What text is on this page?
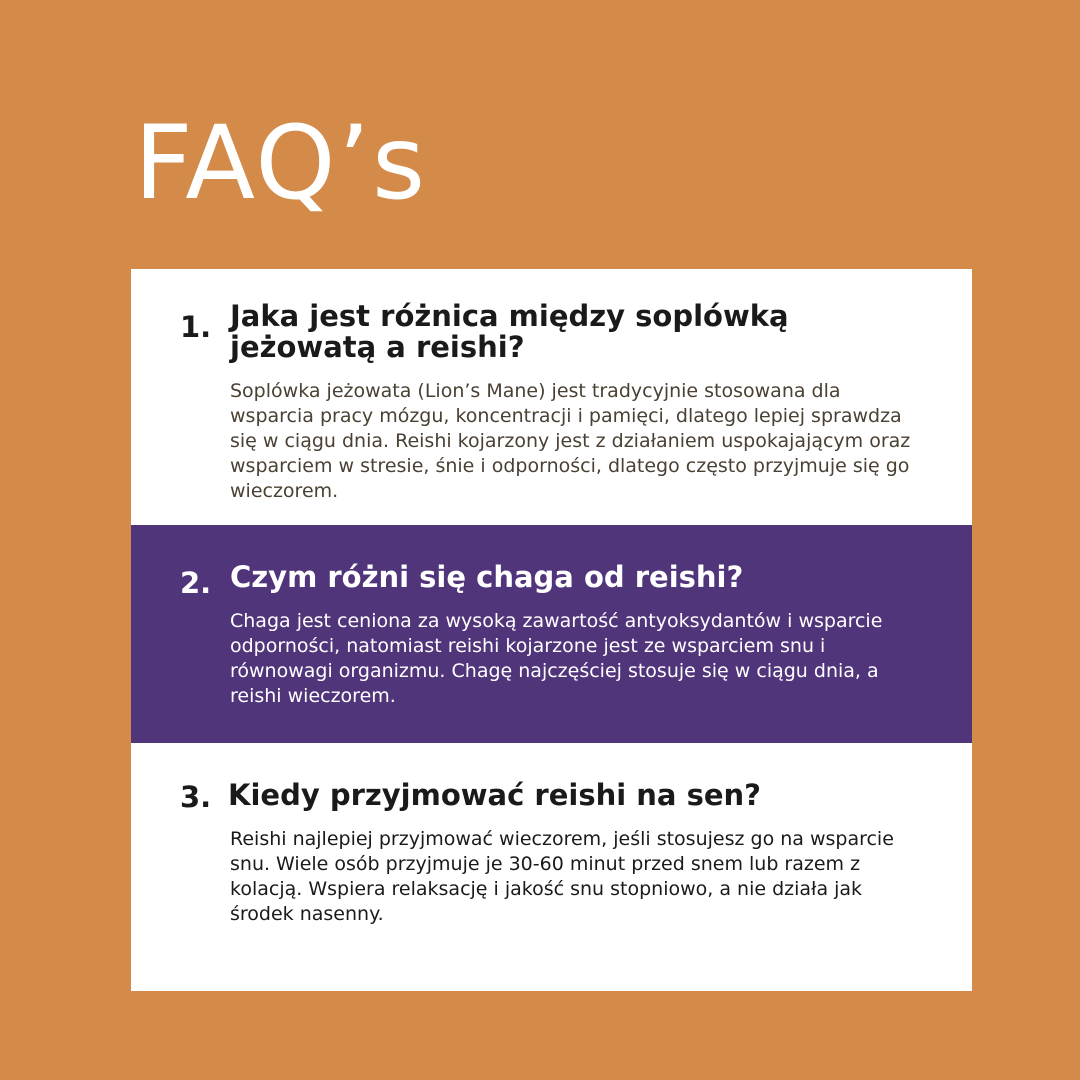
FAQ’s
1. Jaka jest różnica między soplówką jeżowatą a reishi?

Soplówka jeżowata (Lion’s Mane) jest tradycyjnie stosowana dla wsparcia pracy mózgu, koncentracji i pamięci, dlatego lepiej sprawdza się w ciągu dnia. Reishi kojarzony jest z działaniem uspokajającym oraz wsparciem w stresie, śnie i odporności, dlatego często przyjmuje się go wieczorem.

2. Czym różni się chaga od reishi?

Chaga jest ceniona za wysoką zawartość antyoksydantów i wsparcie odporności, natomiast reishi kojarzone jest ze wsparciem snu i równowagi organizmu. Chagę najczęściej stosuje się w ciągu dnia, a reishi wieczorem.

3. Kiedy przyjmować reishi na sen?

Reishi najlepiej przyjmować wieczorem, jeśli stosujesz go na wsparcie snu. Wiele osób przyjmuje je 30-60 minut przed snem lub razem z kolacją. Wspiera relaksację i jakość snu stopniowo, a nie działa jak środek nasenny.
